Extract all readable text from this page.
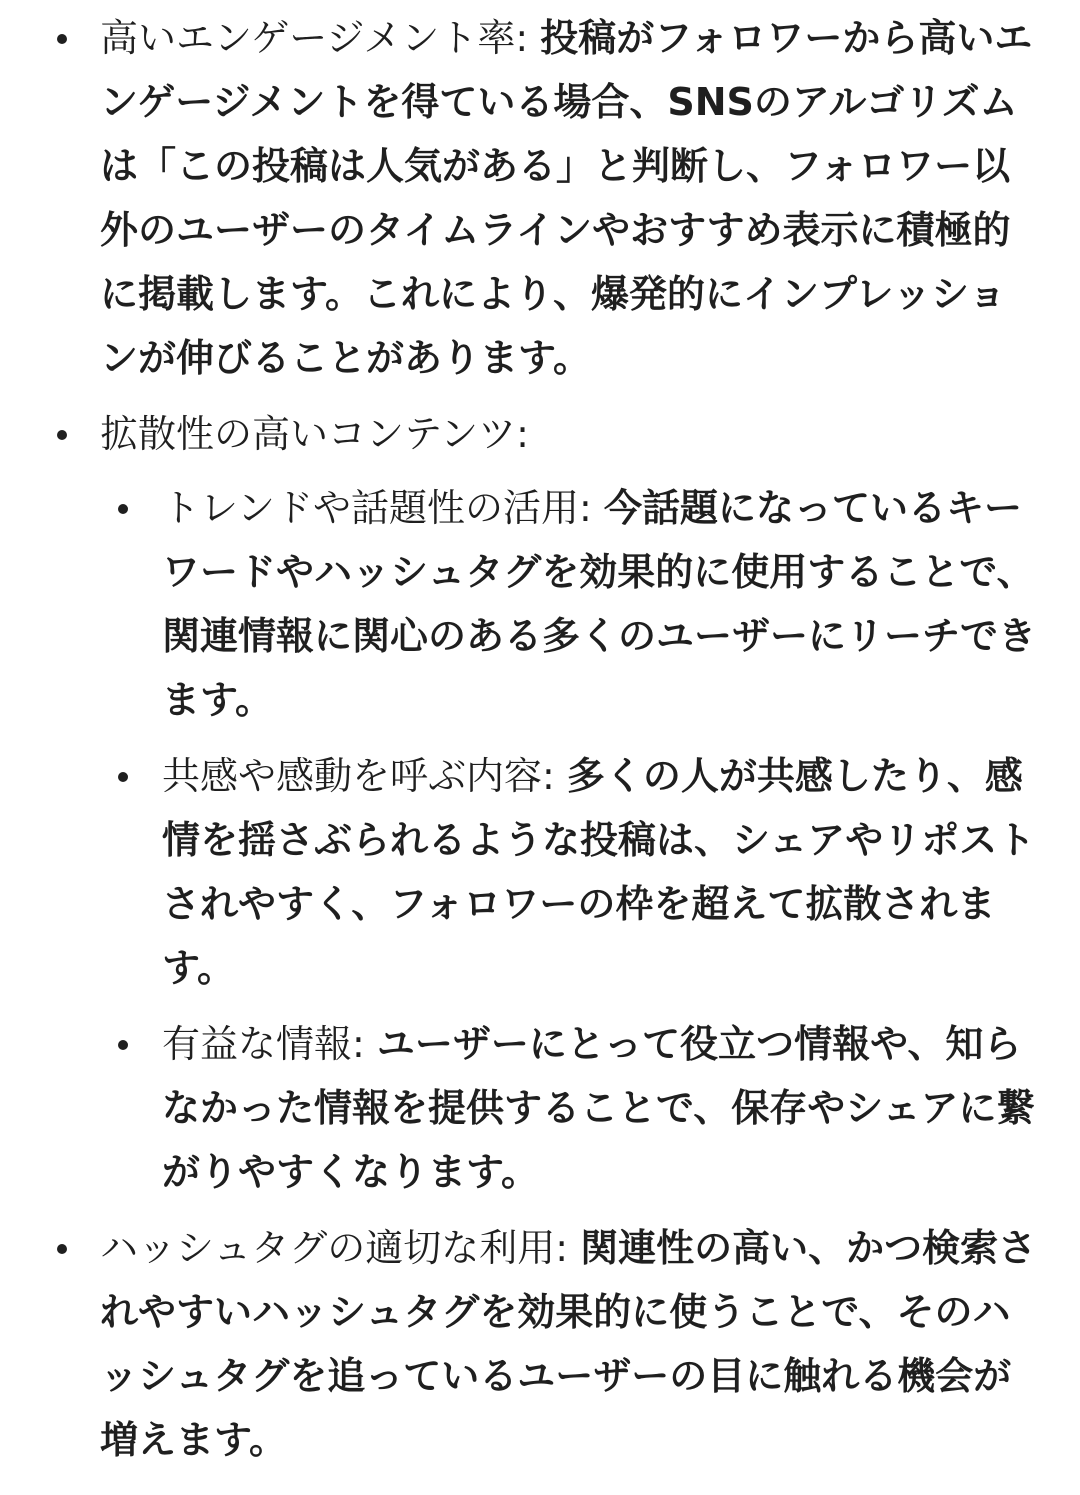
高いエンゲージメント率: 投稿がフォロワーから高いエンゲージメントを得ている場合、SNSのアルゴリズムは「この投稿は人気がある」と判断し、フォロワー以外のユーザーのタイムラインやおすすめ表示に積極的に掲載します。これにより、爆発的にインプレッションが伸びることがあります。
拡散性の高いコンテンツ:
トレンドや話題性の活用: 今話題になっているキーワードやハッシュタグを効果的に使用することで、関連情報に関心のある多くのユーザーにリーチできます。
共感や感動を呼ぶ内容: 多くの人が共感したり、感情を揺さぶられるような投稿は、シェアやリポストされやすく、フォロワーの枠を超えて拡散されます。
有益な情報: ユーザーにとって役立つ情報や、知らなかった情報を提供することで、保存やシェアに繋がりやすくなります。
ハッシュタグの適切な利用: 関連性の高い、かつ検索されやすいハッシュタグを効果的に使うことで、そのハッシュタグを追っているユーザーの目に触れる機会が増えます。
